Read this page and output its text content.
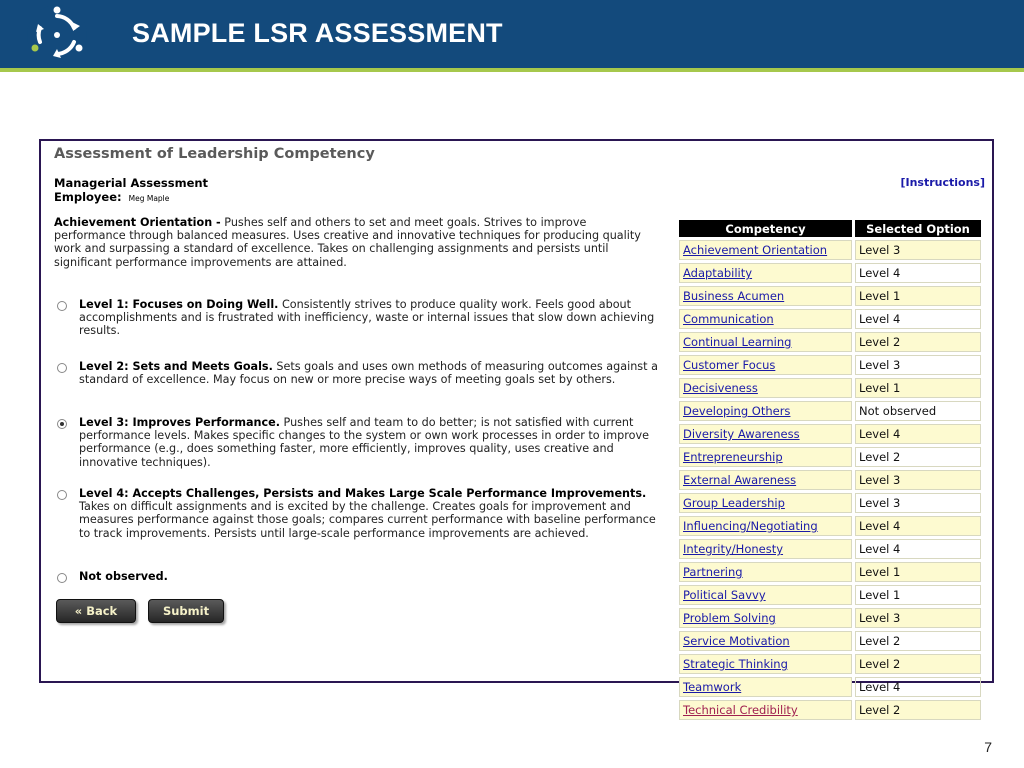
SAMPLE LSR ASSESSMENT
Assessment of Leadership Competency
Managerial Assessment
Employee: Meg Maple
[Instructions]
Achievement Orientation - Pushes self and others to set and meet goals. Strives to improve performance through balanced measures. Uses creative and innovative techniques for producing quality work and surpassing a standard of excellence. Takes on challenging assignments and persists until significant performance improvements are attained.
Level 1: Focuses on Doing Well. Consistently strives to produce quality work. Feels good about accomplishments and is frustrated with inefficiency, waste or internal issues that slow down achieving results.
Level 2: Sets and Meets Goals. Sets goals and uses own methods of measuring outcomes against a standard of excellence. May focus on new or more precise ways of meeting goals set by others.
Level 3: Improves Performance. Pushes self and team to do better; is not satisfied with current performance levels. Makes specific changes to the system or own work processes in order to improve performance (e.g., does something faster, more efficiently, improves quality, uses creative and innovative techniques).
Level 4: Accepts Challenges, Persists and Makes Large Scale Performance Improvements. Takes on difficult assignments and is excited by the challenge. Creates goals for improvement and measures performance against those goals; compares current performance with baseline performance to track improvements. Persists until large-scale performance improvements are achieved.
Not observed.
« Back	Submit
Competency	Selected Option
Achievement Orientation	Level 3
Adaptability	Level 4
Business Acumen	Level 1
Communication	Level 4
Continual Learning	Level 2
Customer Focus	Level 3
Decisiveness	Level 1
Developing Others	Not observed
Diversity Awareness	Level 4
Entrepreneurship	Level 2
External Awareness	Level 3
Group Leadership	Level 3
Influencing/Negotiating	Level 4
Integrity/Honesty	Level 4
Partnering	Level 1
Political Savvy	Level 1
Problem Solving	Level 3
Service Motivation	Level 2
Strategic Thinking	Level 2
Teamwork	Level 4
Technical Credibility	Level 2
7
